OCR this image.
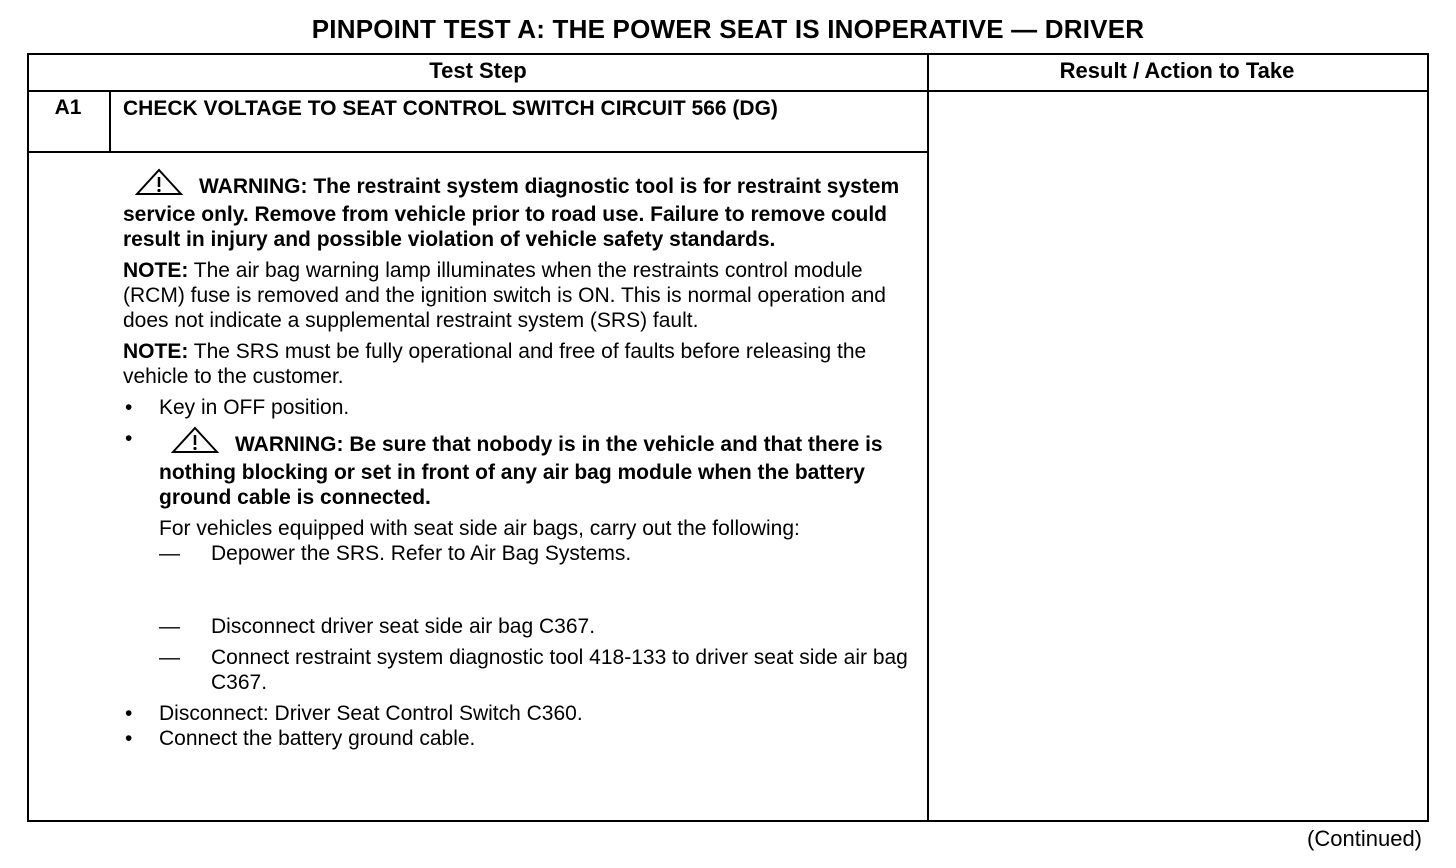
PINPOINT TEST A: THE POWER SEAT IS INOPERATIVE — DRIVER
Test Step	Result / Action to Take
A1	CHECK VOLTAGE TO SEAT CONTROL SWITCH CIRCUIT 566 (DG)

WARNING: The restraint system diagnostic tool is for restraint system service only. Remove from vehicle prior to road use. Failure to remove could result in injury and possible violation of vehicle safety standards.

NOTE: The air bag warning lamp illuminates when the restraints control module (RCM) fuse is removed and the ignition switch is ON. This is normal operation and does not indicate a supplemental restraint system (SRS) fault.

NOTE: The SRS must be fully operational and free of faults before releasing the vehicle to the customer.

• Key in OFF position.

• WARNING: Be sure that nobody is in the vehicle and that there is nothing blocking or set in front of any air bag module when the battery ground cable is connected.

For vehicles equipped with seat side air bags, carry out the following:

— Depower the SRS. Refer to Air Bag Systems.

— Disconnect driver seat side air bag C367.

— Connect restraint system diagnostic tool 418-133 to driver seat side air bag C367.

• Disconnect: Driver Seat Control Switch C360.

• Connect the battery ground cable.

(Continued)
